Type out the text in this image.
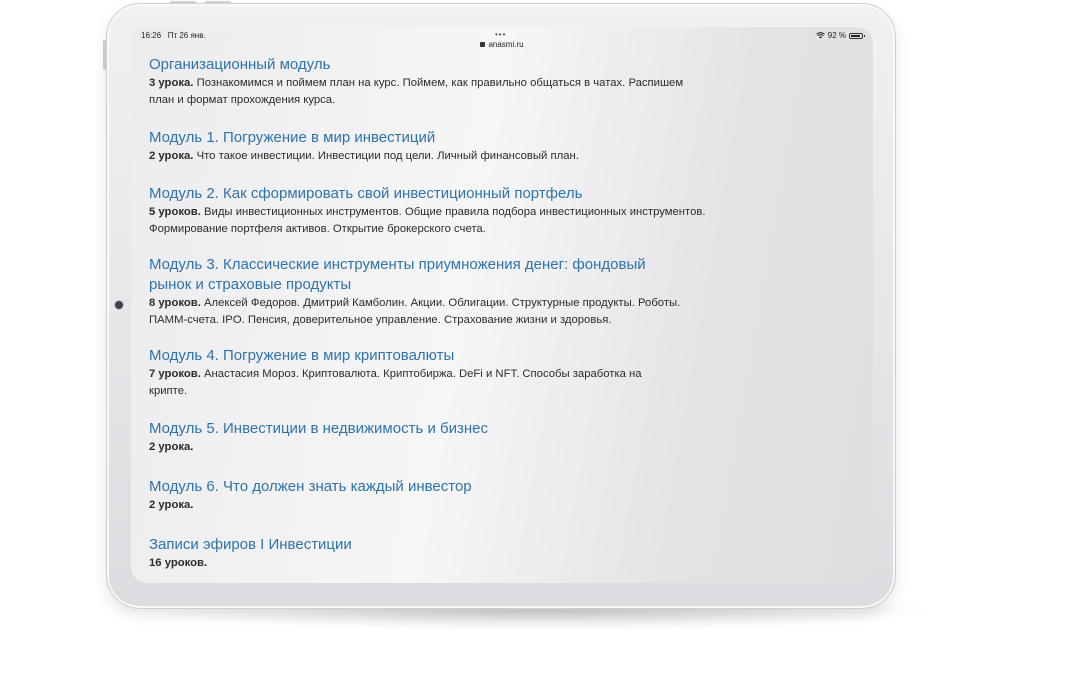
16:26 Пт 26 янв.	•••
anasmi.ru
92 %
Организационный модуль
3 урока. Познакомимся и поймем план на курс. Поймем, как правильно общаться в чатах. Распишем план и формат прохождения курса.
Модуль 1. Погружение в мир инвестиций
2 урока. Что такое инвестиции. Инвестиции под цели. Личный финансовый план.
Модуль 2. Как сформировать свой инвестиционный портфель
5 уроков. Виды инвестиционных инструментов. Общие правила подбора инвестиционных инструментов. Формирование портфеля активов. Открытие брокерского счета.
Модуль 3. Классические инструменты приумножения денег: фондовый рынок и страховые продукты
8 уроков. Алексей Федоров. Дмитрий Камболин. Акции. Облигации. Структурные продукты. Роботы. ПАММ-счета. IPO. Пенсия, доверительное управление. Страхование жизни и здоровья.
Модуль 4. Погружение в мир криптовалюты
7 уроков. Анастасия Мороз. Криптовалюта. Криптобиржа. DeFi и NFT. Способы заработка на крипте.
Модуль 5. Инвестиции в недвижимость и бизнес
2 урока.
Модуль 6. Что должен знать каждый инвестор
2 урока.
Записи эфиров I Инвестиции
16 уроков.
